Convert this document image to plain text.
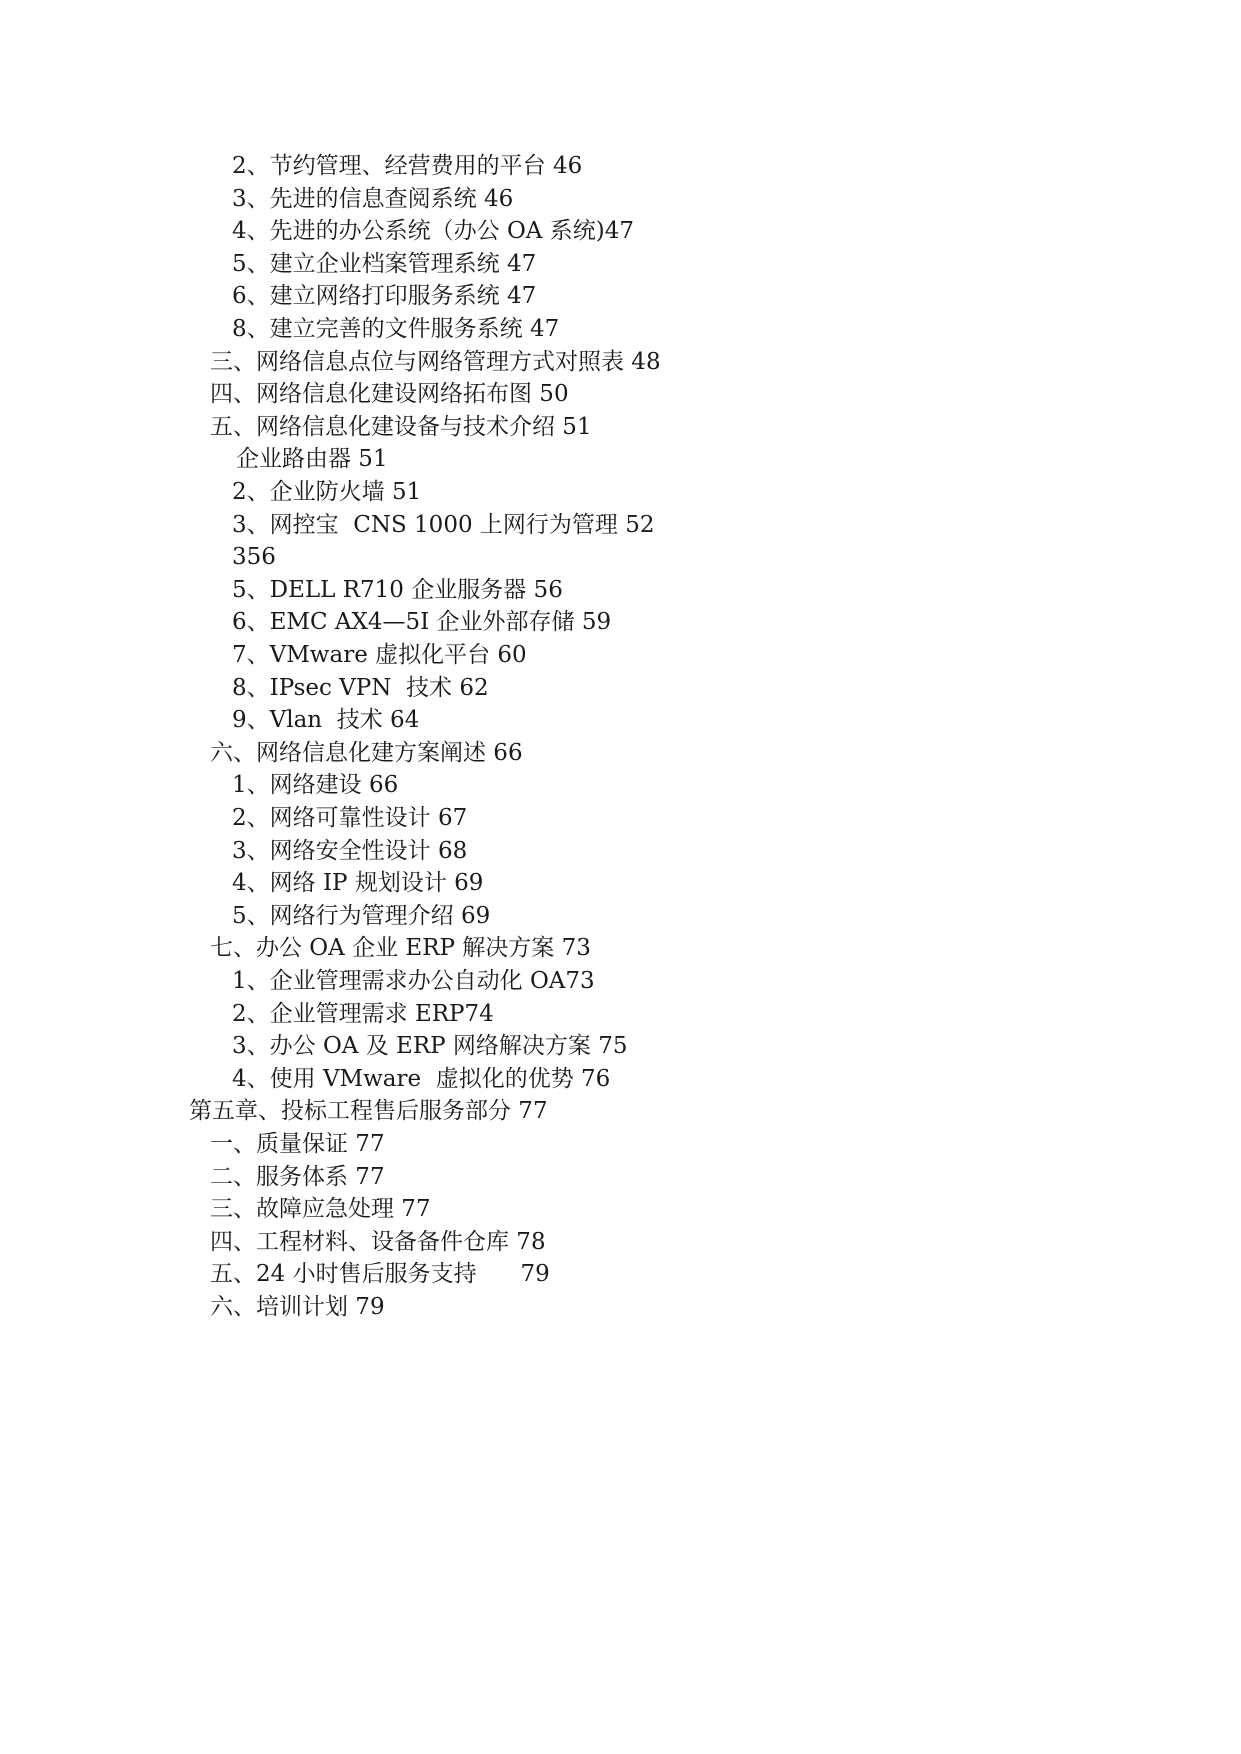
2、节约管理、经营费用的平台 46
3、先进的信息查阅系统 46
4、先进的办公系统（办公 OA 系统)47
5、建立企业档案管理系统 47
6、建立网络打印服务系统 47
8、建立完善的文件服务系统 47
三、网络信息点位与网络管理方式对照表 48
四、网络信息化建设网络拓布图 50
五、网络信息化建设备与技术介绍 51
企业路由器 51
2、企业防火墙 51
3、网控宝  CNS 1000 上网行为管理 52
356
5、DELL R710 企业服务器 56
6、EMC AX4—5I 企业外部存储 59
7、VMware 虚拟化平台 60
8、IPsec VPN  技术 62
9、Vlan  技术 64
六、网络信息化建方案阐述 66
1、网络建设 66
2、网络可靠性设计 67
3、网络安全性设计 68
4、网络 IP 规划设计 69
5、网络行为管理介绍 69
七、办公 OA 企业 ERP 解决方案 73
1、企业管理需求办公自动化 OA73
2、企业管理需求 ERP74
3、办公 OA 及 ERP 网络解决方案 75
4、使用 VMware  虚拟化的优势 76
第五章、投标工程售后服务部分 77
一、质量保证 77
二、服务体系 77
三、故障应急处理 77
四、工程材料、设备备件仓库 78
五、24 小时售后服务支持      79
六、培训计划 79
